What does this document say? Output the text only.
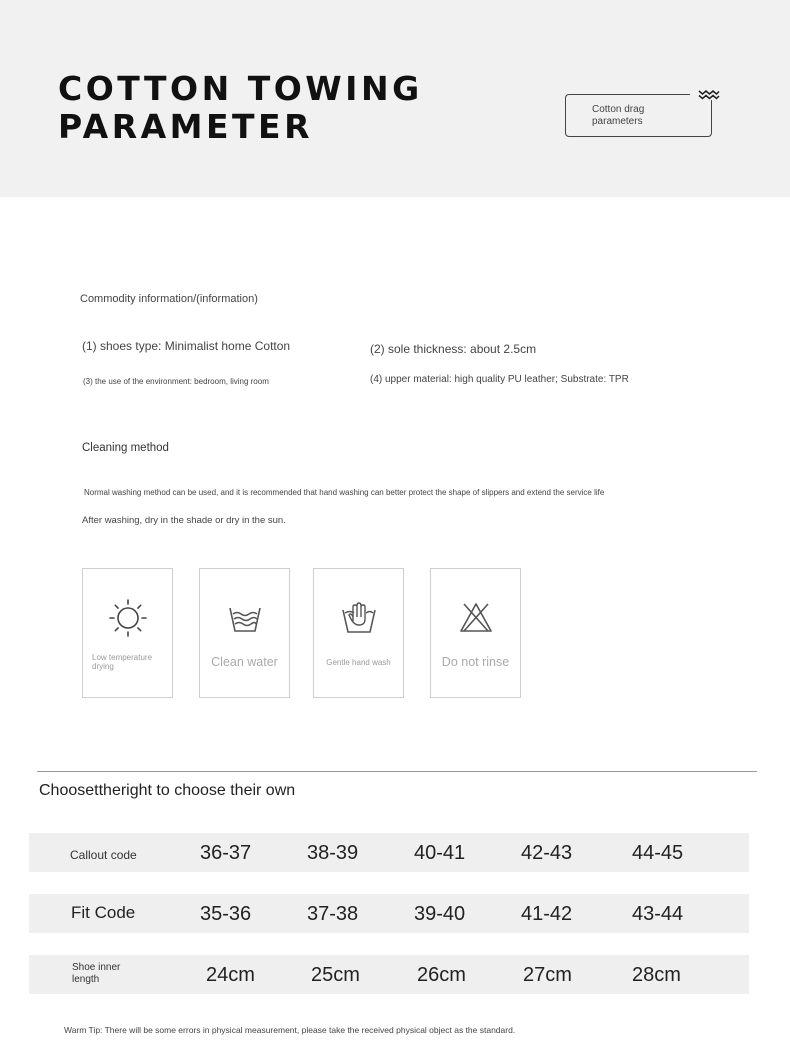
COTTON TOWING
PARAMETER	Cotton drag
parameters
Commodity information/(information)
(1) shoes type: Minimalist home Cotton	(2) sole thickness: about 2.5cm
(3) the use of the environment: bedroom, living room	(4) upper material: high quality PU leather; Substrate: TPR
Cleaning method
Normal washing method can be used, and it is recommended that hand washing can better protect the shape of slippers and extend the service life
After washing, dry in the shade or dry in the sun.
Low temperature drying	Clean water	Gentle hand wash	Do not rinse
Choosettheright to choose their own
Callout code	36-37	38-39	40-41	42-43	44-45
Fit Code	35-36	37-38	39-40	41-42	43-44
Shoe inner
length	24cm	25cm	26cm	27cm	28cm
Warm Tip: There will be some errors in physical measurement, please take the received physical object as the standard.
